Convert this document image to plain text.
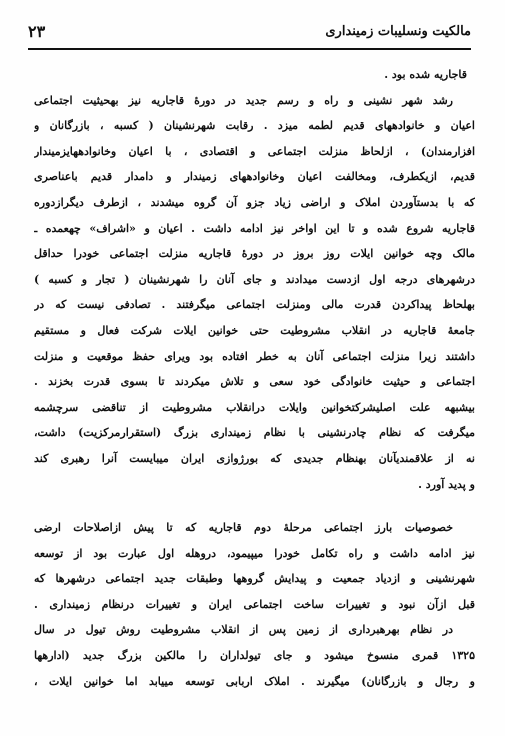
مالکیت ونسلیبات زمینداری
۲۳
قاجاریه شده بود .
رشد شهر نشینی و راه و رسم جدید در دورهٔ قاجاریه نیز بهحیثیت اجتماعی
اعیان و خانوادههای قدیم لطمه میزد . رقابت شهرنشینان ( کسبه ، بازرگانان و
افزارمندان) ، ازلحاظ منزلت اجتماعی و اقتصادی ، با اعیان وخانوادههایزمیندار
قدیم، ازیکطرف، ومخالفت اعیان وخانوادههای زمیندار و دامدار قدیم باعناصری
که با بدستآوردن املاک و اراضی زیاد جزو آن گروه میشدند ، ازطرف دیگرازدوره
قاجاریه شروع شده و تا این اواخر نیز ادامه داشت . اعیان و «اشراف» چهعمده ـ
مالک وچه خوانین ایلات روز بروز در دورهٔ قاجاریه منزلت اجتماعی خودرا حداقل
درشهرهای درجه اول ازدست میدادند و جای آنان را شهرنشینان ( تجار و کسبه )
بهلحاظ پیداکردن قدرت مالی ومنزلت اجتماعی میگرفتند . تصادفی نیست که در
جامعهٔ قاجاریه در انقلاب مشروطیت حتی خوانین ایلات شرکت فعال و مستقیم
داشتند زیرا منزلت اجتماعی آنان به خطر افتاده بود ویرای حفظ موقعیت و منزلت
اجتماعی و حیثیت خانوادگی خود سعی و تلاش میکردند تا بسوی قدرت بخزند .
بیشبهه علت اصلیشرکتخوانین وایلات درانقلاب مشروطیت از تناقضی سرچشمه
میگرفت که نظام چادرنشینی با نظام زمینداری بزرگ (استقرارمرکزیت) داشت،
نه از علاقمندیآنان بهنظام جدیدی که بورژوازی ایران میبایست آنرا رهبری کند
و پدید آورد .
خصوصیات بارز اجتماعی مرحلهٔ دوم قاجاریه که تا پیش ازاصلاحات ارضی
نیز ادامه داشت و راه تکامل خودرا میپیمود، دروهله اول عبارت بود از توسعه
شهرنشینی و ازدیاد جمعیت و پیدایش گروهها وطبقات جدید اجتماعی درشهرها که
قبل ازآن نبود و تغییرات ساخت اجتماعی ایران و تغییرات درنظام زمینداری .
در نظام بهرهبرداری از زمین پس از انقلاب مشروطیت روش تیول در سال
۱۳۲۵ قمری منسوخ میشود و جای تیولداران را مالکین بزرگ جدید (ادارهها
و رجال و بازرگانان) میگیرند . املاک اربابی توسعه مییابد اما خوانین ایلات ،
